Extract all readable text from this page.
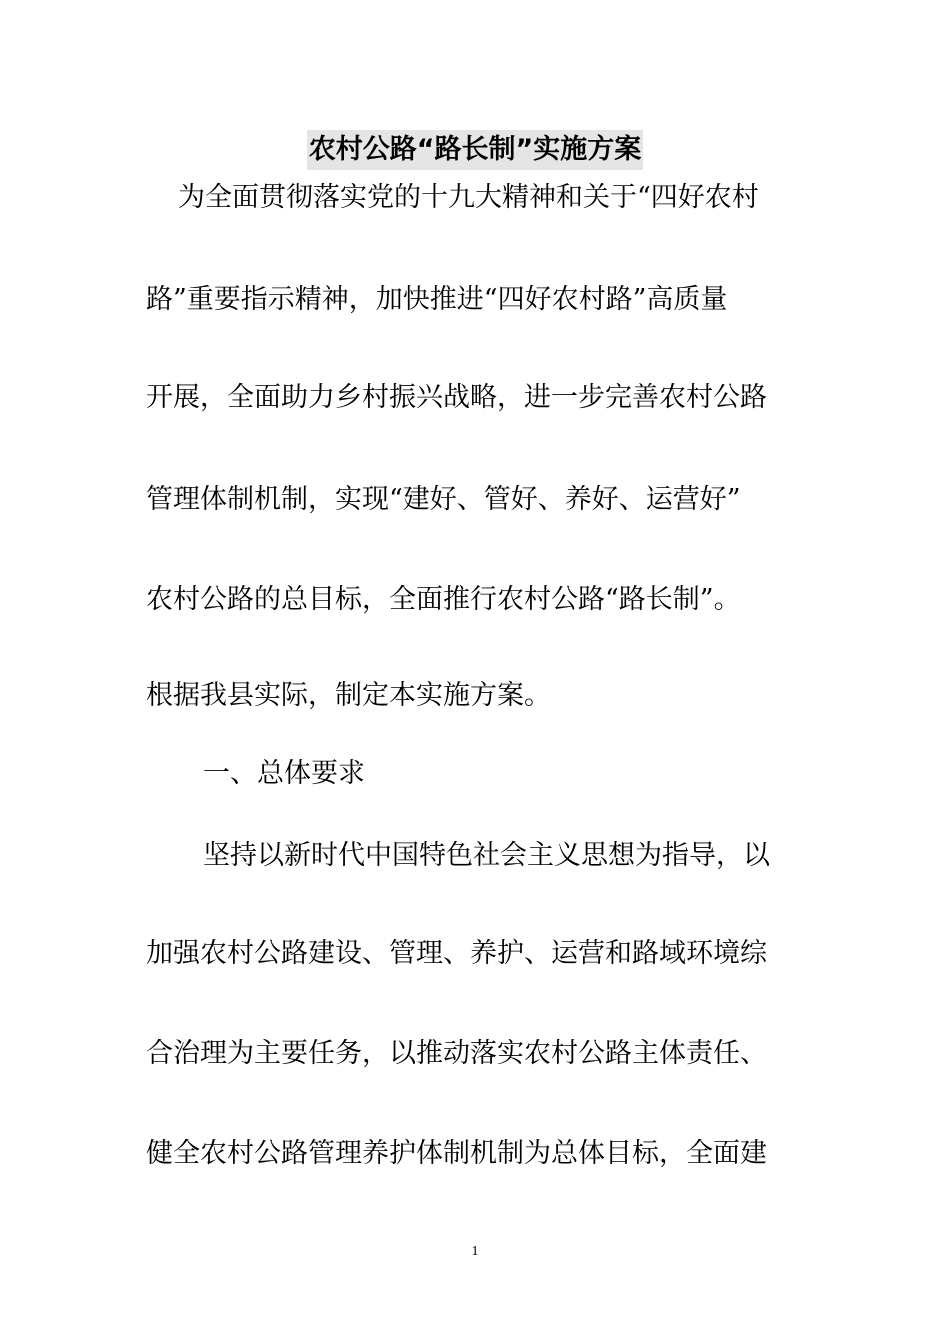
农村公路“路长制”实施方案
为全面贯彻落实党的十九大精神和关于“四好农村
路”重要指示精神，加快推进“四好农村路”高质量
开展，全面助力乡村振兴战略，进一步完善农村公路
管理体制机制，实现“建好、管好、养好、运营好”
农村公路的总目标，全面推行农村公路“路长制”。
根据我县实际，制定本实施方案。
一、总体要求
坚持以新时代中国特色社会主义思想为指导，以
加强农村公路建设、管理、养护、运营和路域环境综
合治理为主要任务，以推动落实农村公路主体责任、
健全农村公路管理养护体制机制为总体目标，全面建
1
